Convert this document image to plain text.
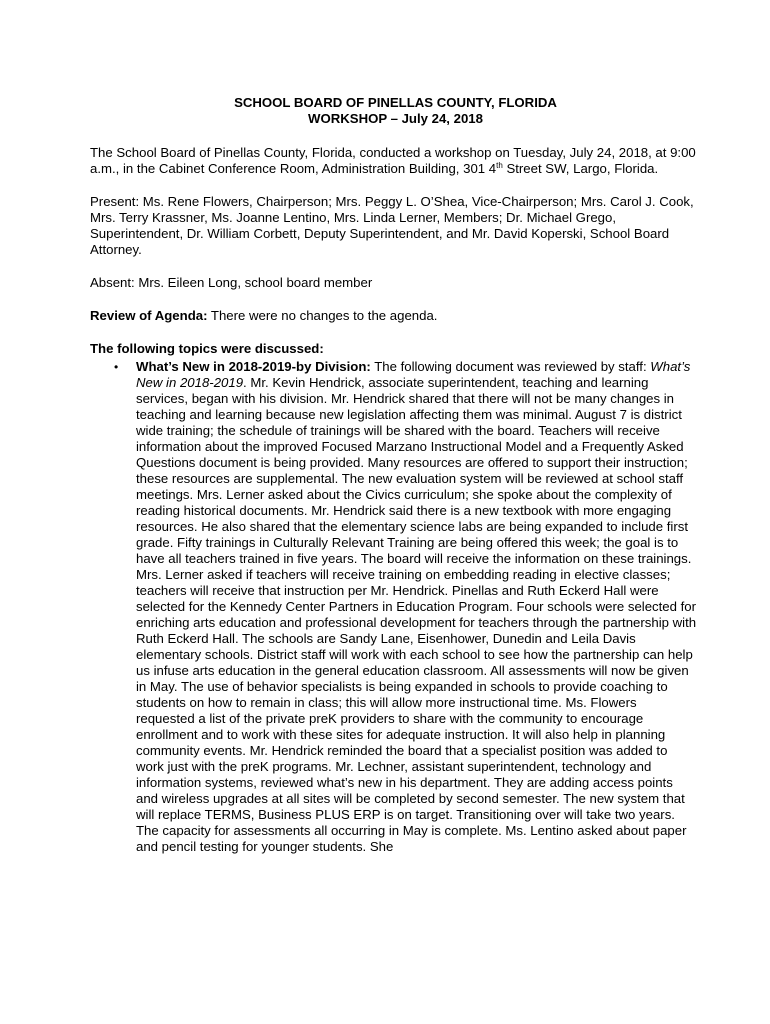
SCHOOL BOARD OF PINELLAS COUNTY, FLORIDA
WORKSHOP – July 24, 2018

The School Board of Pinellas County, Florida, conducted a workshop on Tuesday, July 24, 2018, at 9:00 a.m., in the Cabinet Conference Room, Administration Building, 301 4th Street SW, Largo, Florida.

Present: Ms. Rene Flowers, Chairperson; Mrs. Peggy L. O’Shea, Vice-Chairperson; Mrs. Carol J. Cook, Mrs. Terry Krassner, Ms. Joanne Lentino, Mrs. Linda Lerner, Members; Dr. Michael Grego, Superintendent, Dr. William Corbett, Deputy Superintendent, and Mr. David Koperski, School Board Attorney.

Absent: Mrs. Eileen Long, school board member

Review of Agenda: There were no changes to the agenda.

The following topics were discussed:

• What’s New in 2018-2019-by Division: The following document was reviewed by staff: What’s New in 2018-2019. Mr. Kevin Hendrick, associate superintendent, teaching and learning services, began with his division. Mr. Hendrick shared that there will not be many changes in teaching and learning because new legislation affecting them was minimal. August 7 is district wide training; the schedule of trainings will be shared with the board. Teachers will receive information about the improved Focused Marzano Instructional Model and a Frequently Asked Questions document is being provided. Many resources are offered to support their instruction; these resources are supplemental. The new evaluation system will be reviewed at school staff meetings. Mrs. Lerner asked about the Civics curriculum; she spoke about the complexity of reading historical documents. Mr. Hendrick said there is a new textbook with more engaging resources. He also shared that the elementary science labs are being expanded to include first grade. Fifty trainings in Culturally Relevant Training are being offered this week; the goal is to have all teachers trained in five years. The board will receive the information on these trainings. Mrs. Lerner asked if teachers will receive training on embedding reading in elective classes; teachers will receive that instruction per Mr. Hendrick. Pinellas and Ruth Eckerd Hall were selected for the Kennedy Center Partners in Education Program. Four schools were selected for enriching arts education and professional development for teachers through the partnership with Ruth Eckerd Hall. The schools are Sandy Lane, Eisenhower, Dunedin and Leila Davis elementary schools. District staff will work with each school to see how the partnership can help us infuse arts education in the general education classroom. All assessments will now be given in May. The use of behavior specialists is being expanded in schools to provide coaching to students on how to remain in class; this will allow more instructional time. Ms. Flowers requested a list of the private preK providers to share with the community to encourage enrollment and to work with these sites for adequate instruction. It will also help in planning community events. Mr. Hendrick reminded the board that a specialist position was added to work just with the preK programs. Mr. Lechner, assistant superintendent, technology and information systems, reviewed what’s new in his department. They are adding access points and wireless upgrades at all sites will be completed by second semester. The new system that will replace TERMS, Business PLUS ERP is on target. Transitioning over will take two years. The capacity for assessments all occurring in May is complete. Ms. Lentino asked about paper and pencil testing for younger students. She
